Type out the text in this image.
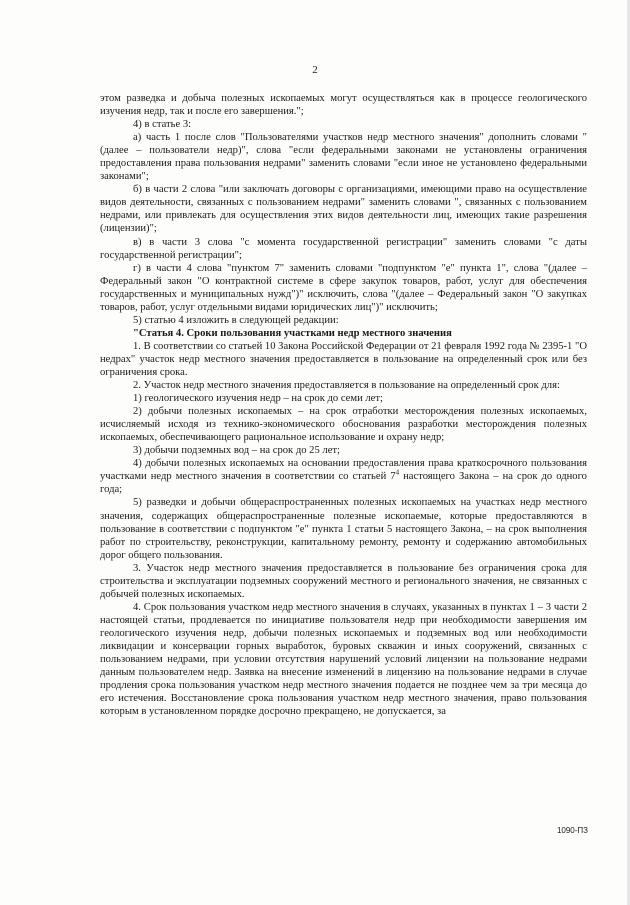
2

этом разведка и добыча полезных ископаемых могут осуществляться как в процессе геологического изучения недр, так и после его завершения.";

4) в статье 3:

а) часть 1 после слов "Пользователями участков недр местного значения" дополнить словами "(далее – пользователи недр)", слова "если федеральными законами не установлены ограничения предоставления права пользования недрами" заменить словами "если иное не установлено федеральными законами";

б) в части 2 слова "или заключать договоры с организациями, имеющими право на осуществление видов деятельности, связанных с пользованием недрами" заменить словами ", связанных с пользованием недрами, или привлекать для осуществления этих видов деятельности лиц, имеющих такие разрешения (лицензии)";

в) в части 3 слова "с момента государственной регистрации" заменить словами "с даты государственной регистрации";

г) в части 4 слова "пунктом 7" заменить словами "подпунктом "е" пункта 1", слова "(далее – Федеральный закон "О контрактной системе в сфере закупок товаров, работ, услуг для обеспечения государственных и муниципальных нужд")" исключить, слова "(далее – Федеральный закон "О закупках товаров, работ, услуг отдельными видами юридических лиц")" исключить;

5) статью 4 изложить в следующей редакции:

"Статья 4. Сроки пользования участками недр местного значения

1. В соответствии со статьей 10 Закона Российской Федерации от 21 февраля 1992 года № 2395-1 "О недрах" участок недр местного значения предоставляется в пользование на определенный срок или без ограничения срока.

2. Участок недр местного значения предоставляется в пользование на определенный срок для:

1) геологического изучения недр – на срок до семи лет;

2) добычи полезных ископаемых – на срок отработки месторождения полезных ископаемых, исчисляемый исходя из технико-экономического обоснования разработки месторождения полезных ископаемых, обеспечивающего рациональное использование и охрану недр;

3) добычи подземных вод – на срок до 25 лет;

4) добычи полезных ископаемых на основании предоставления права краткосрочного пользования участками недр местного значения в соответствии со статьей $7^4$ настоящего Закона – на срок до одного года;

5) разведки и добычи общераспространенных полезных ископаемых на участках недр местного значения, содержащих общераспространенные полезные ископаемые, которые предоставляются в пользование в соответствии с подпунктом "е" пункта 1 статьи 5 настоящего Закона, – на срок выполнения работ по строительству, реконструкции, капитальному ремонту, ремонту и содержанию автомобильных дорог общего пользования.

3. Участок недр местного значения предоставляется в пользование без ограничения срока для строительства и эксплуатации подземных сооружений местного и регионального значения, не связанных с добычей полезных ископаемых.

4. Срок пользования участком недр местного значения в случаях, указанных в пунктах 1 – 3 части 2 настоящей статьи, продлевается по инициативе пользователя недр при необходимости завершения им геологического изучения недр, добычи полезных ископаемых и подземных вод или необходимости ликвидации и консервации горных выработок, буровых скважин и иных сооружений, связанных с пользованием недрами, при условии отсутствия нарушений условий лицензии на пользование недрами данным пользователем недр. Заявка на внесение изменений в лицензию на пользование недрами в случае продления срока пользования участком недр местного значения подается не позднее чем за три месяца до его истечения. Восстановление срока пользования участком недр местного значения, право пользования которым в установленном порядке досрочно прекращено, не допускается, за

1090-ПЗ
